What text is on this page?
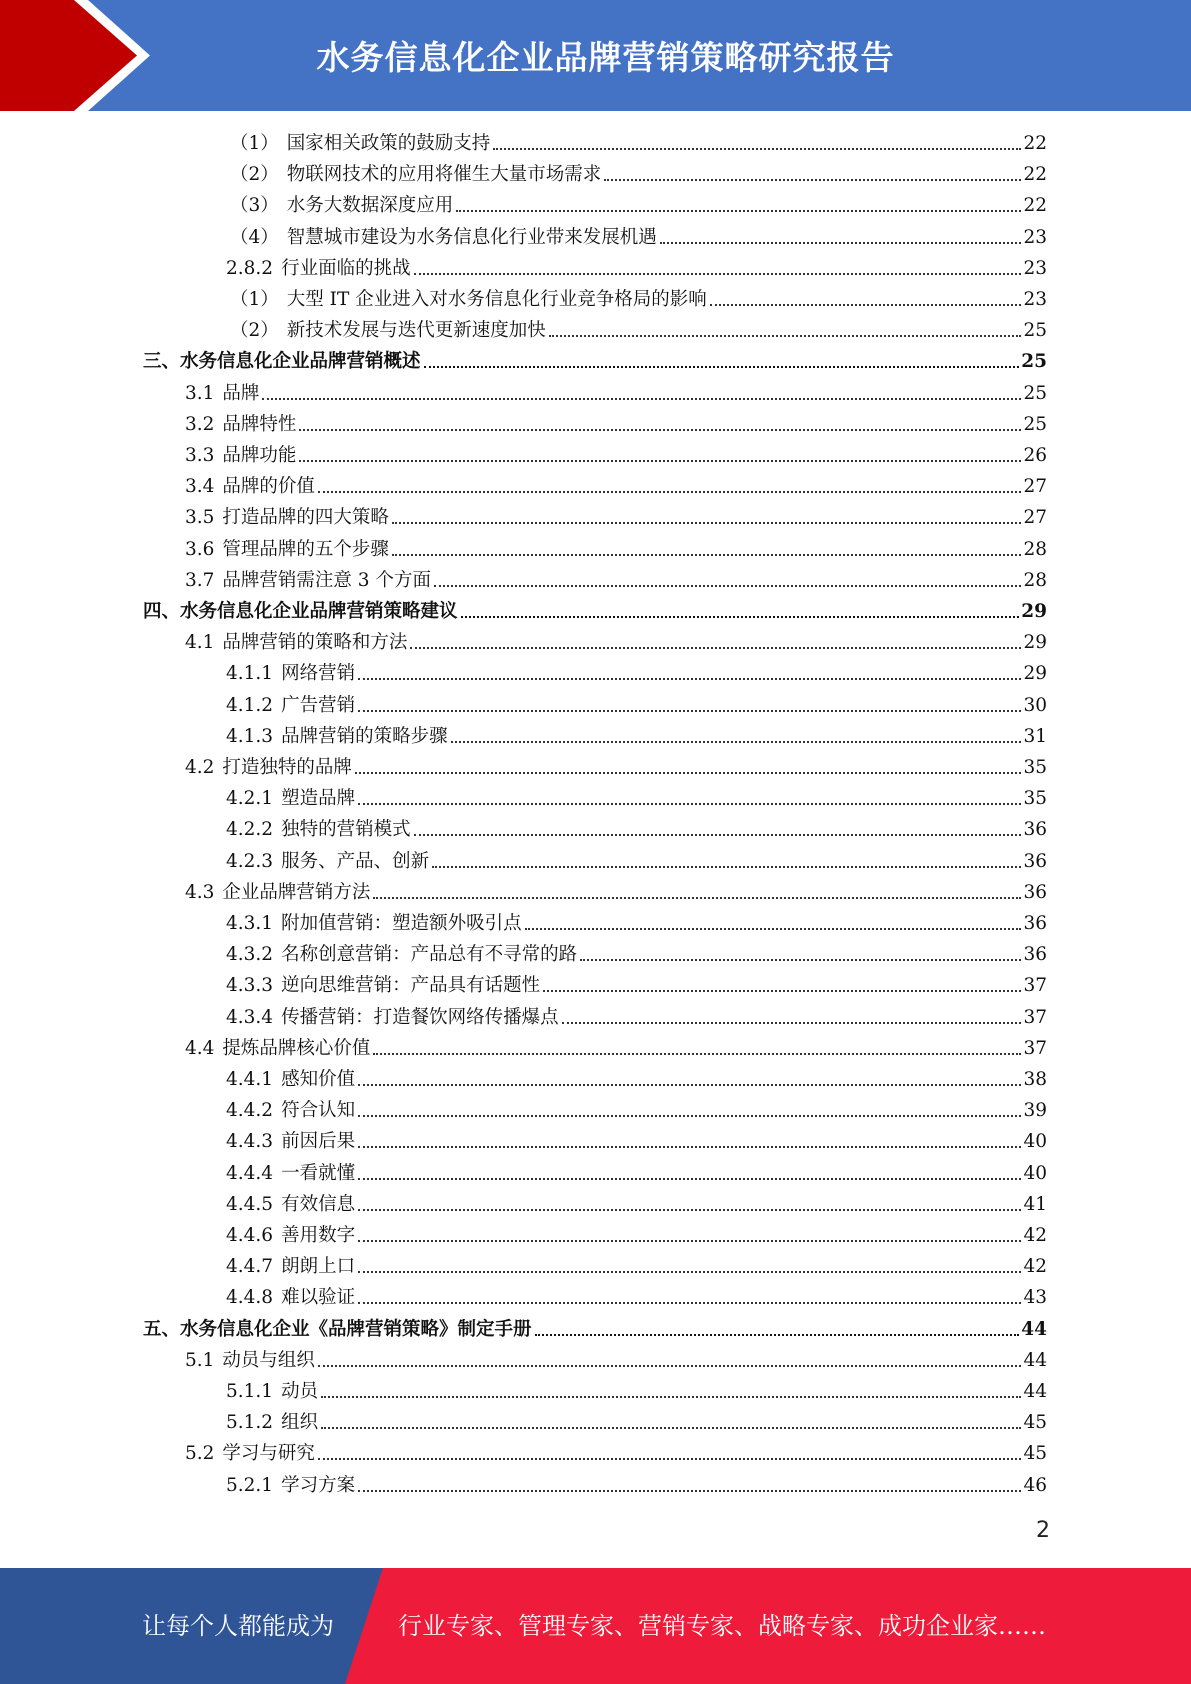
水务信息化企业品牌营销策略研究报告
（1） 国家相关政策的鼓励支持	22
（2） 物联网技术的应用将催生大量市场需求	22
（3） 水务大数据深度应用	22
（4） 智慧城市建设为水务信息化行业带来发展机遇	23
2.8.2 行业面临的挑战	23
（1） 大型 IT 企业进入对水务信息化行业竞争格局的影响	23
（2） 新技术发展与迭代更新速度加快	25
三、水务信息化企业品牌营销概述	25
3.1 品牌	25
3.2 品牌特性	25
3.3 品牌功能	26
3.4 品牌的价值	27
3.5 打造品牌的四大策略	27
3.6 管理品牌的五个步骤	28
3.7 品牌营销需注意 3 个方面	28
四、水务信息化企业品牌营销策略建议	29
4.1 品牌营销的策略和方法	29
4.1.1 网络营销	29
4.1.2 广告营销	30
4.1.3 品牌营销的策略步骤	31
4.2 打造独特的品牌	35
4.2.1 塑造品牌	35
4.2.2 独特的营销模式	36
4.2.3 服务、产品、创新	36
4.3 企业品牌营销方法	36
4.3.1 附加值营销：塑造额外吸引点	36
4.3.2 名称创意营销：产品总有不寻常的路	36
4.3.3 逆向思维营销：产品具有话题性	37
4.3.4 传播营销：打造餐饮网络传播爆点	37
4.4 提炼品牌核心价值	37
4.4.1 感知价值	38
4.4.2 符合认知	39
4.4.3 前因后果	40
4.4.4 一看就懂	40
4.4.5 有效信息	41
4.4.6 善用数字	42
4.4.7 朗朗上口	42
4.4.8 难以验证	43
五、水务信息化企业《品牌营销策略》制定手册	44
5.1 动员与组织	44
5.1.1 动员	44
5.1.2 组织	45
5.2 学习与研究	45
5.2.1 学习方案	46
2
让每个人都能成为	行业专家、管理专家、营销专家、战略专家、成功企业家……
